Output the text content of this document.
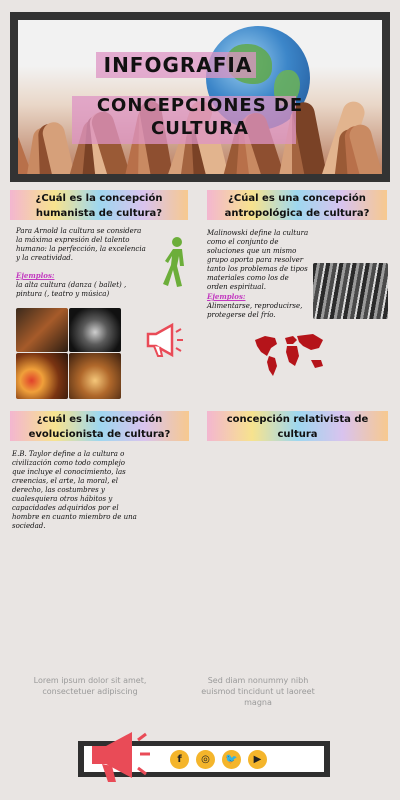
INFOGRAFIA
CONCEPCIONES DE
CULTURA
¿Cuál es la concepción
humanista de cultura?
Para Arnold la cultura se considera la máxima expresión del talento humano: la perfección, la excelencia y la creatividad.
Ejemplos:
la alta cultura (danza ( ballet) , pintura (, teatro y música)
¿Cúal es una concepción
antropológica de cultura?
Malinowski define la cultura como el conjunto de soluciones que un mismo grupo aporta para resolver tanto los problemas de tipos materiales como los de orden espiritual.
Ejemplos:
Alimentarse, reproducirse, protegerse del frío.
¿cuál es la concepción
evolucionista de cultura?
E.B. Taylor define a la cultura o civilización como todo complejo que incluye el conocimiento, las creencias, el arte, la moral, el derecho, las costumbres y cualesquiera otros hábitos y capacidades adquiridos por el hombre en cuanto miembro de una sociedad.
concepción relativista de
cultura
Lorem ipsum dolor sit amet, consectetuer adipiscing
Sed diam nonummy nibh euismod tincidunt ut laoreet magna
f	◎	🐦	▶
